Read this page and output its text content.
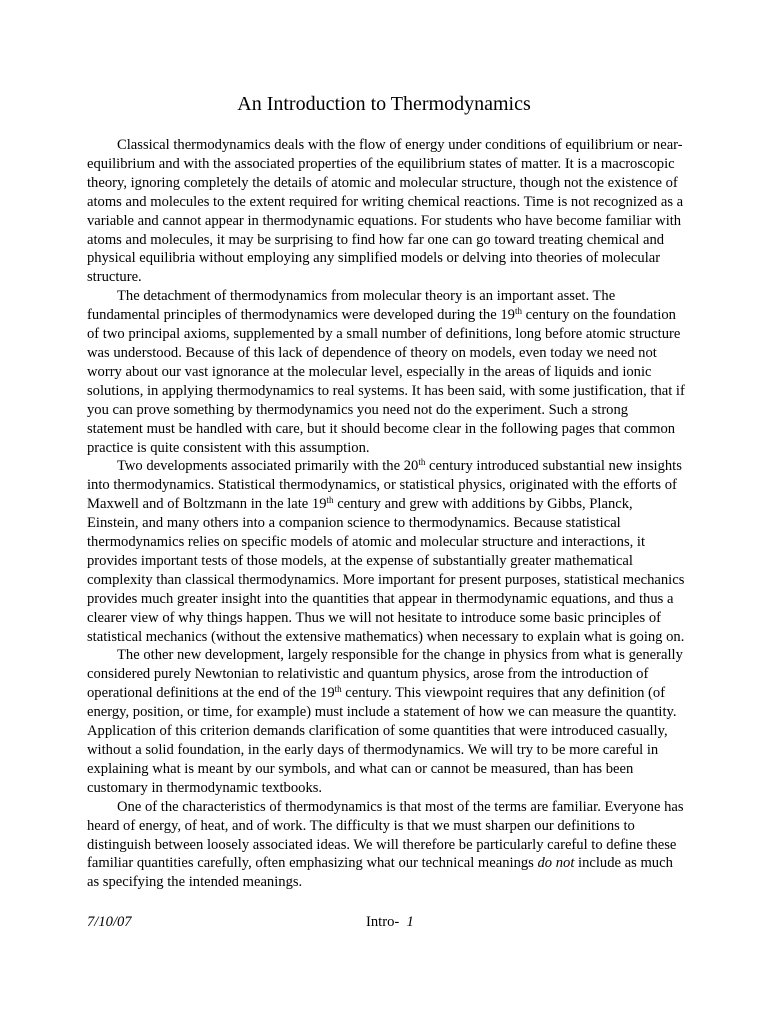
An Introduction to Thermodynamics

Classical thermodynamics deals with the flow of energy under conditions of equilibrium or near-equilibrium and with the associated properties of the equilibrium states of matter. It is a macroscopic theory, ignoring completely the details of atomic and molecular structure, though not the existence of atoms and molecules to the extent required for writing chemical reactions. Time is not recognized as a variable and cannot appear in thermodynamic equations. For students who have become familiar with atoms and molecules, it may be surprising to find how far one can go toward treating chemical and physical equilibria without employing any simplified models or delving into theories of molecular structure.

The detachment of thermodynamics from molecular theory is an important asset. The fundamental principles of thermodynamics were developed during the 19th century on the foundation of two principal axioms, supplemented by a small number of definitions, long before atomic structure was understood. Because of this lack of dependence of theory on models, even today we need not worry about our vast ignorance at the molecular level, especially in the areas of liquids and ionic solutions, in applying thermodynamics to real systems. It has been said, with some justification, that if you can prove something by thermodynamics you need not do the experiment. Such a strong statement must be handled with care, but it should become clear in the following pages that common practice is quite consistent with this assumption.

Two developments associated primarily with the 20th century introduced substantial new insights into thermodynamics. Statistical thermodynamics, or statistical physics, originated with the efforts of Maxwell and of Boltzmann in the late 19th century and grew with additions by Gibbs, Planck, Einstein, and many others into a companion science to thermodynamics. Because statistical thermodynamics relies on specific models of atomic and molecular structure and interactions, it provides important tests of those models, at the expense of substantially greater mathematical complexity than classical thermodynamics. More important for present purposes, statistical mechanics provides much greater insight into the quantities that appear in thermodynamic equations, and thus a clearer view of why things happen. Thus we will not hesitate to introduce some basic principles of statistical mechanics (without the extensive mathematics) when necessary to explain what is going on.

The other new development, largely responsible for the change in physics from what is generally considered purely Newtonian to relativistic and quantum physics, arose from the introduction of operational definitions at the end of the 19th century. This viewpoint requires that any definition (of energy, position, or time, for example) must include a statement of how we can measure the quantity. Application of this criterion demands clarification of some quantities that were introduced casually, without a solid foundation, in the early days of thermodynamics. We will try to be more careful in explaining what is meant by our symbols, and what can or cannot be measured, than has been customary in thermodynamic textbooks.

One of the characteristics of thermodynamics is that most of the terms are familiar. Everyone has heard of energy, of heat, and of work. The difficulty is that we must sharpen our definitions to distinguish between loosely associated ideas. We will therefore be particularly careful to define these familiar quantities carefully, often emphasizing what our technical meanings do not include as much as specifying the intended meanings.

7/10/07	Intro- 1
